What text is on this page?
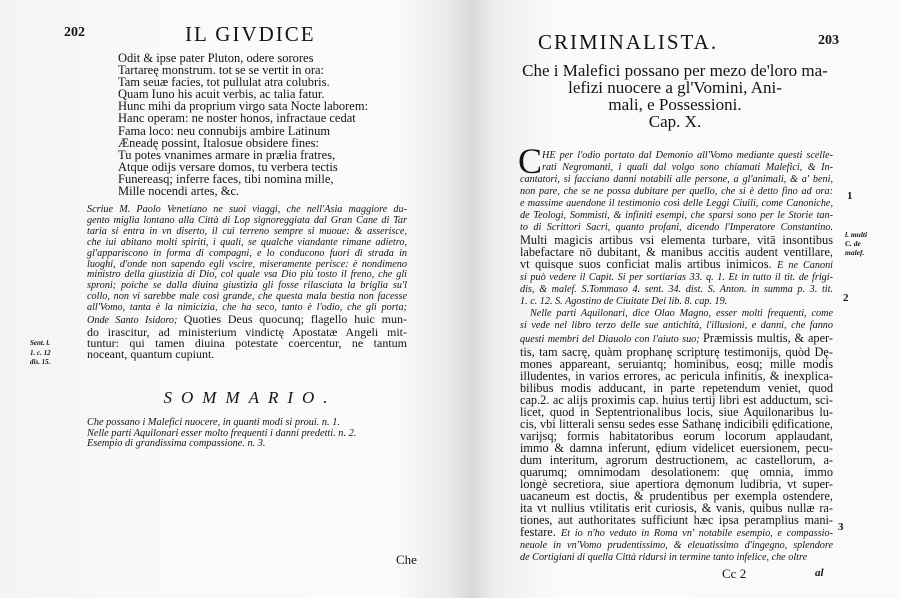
202	IL GIVDICE
Odit & ipse pater Pluton, odere sorores
Tartareę monstrum. tot se se vertit in ora:
Tam seuæ facies, tot pullulat atra colubris.
Quam Iuno his acuit verbis, ac talia fatur.
Hunc mihi da proprium virgo sata Nocte laborem:
Hanc operam: ne noster honos, infractaue cedat
Fama loco: neu connubijs ambire Latinum
Æneadę possint, Italosue obsidere fines:
Tu potes vnanimes armare in prælia fratres,
Atque odijs versare domos, tu verbera tectis
Funereasq; inferre faces, tibi nomina mille,
Mille nocendi artes, &c.
Scriue M. Paolo Venetiano ne suoi viaggi, che nell'Asia maggiore du-
gento miglia lontano alla Città di Lop signoreggiata dal Gran Cane di Tar
taria si entra in vn diserto, il cui terreno sempre si muoue: & asserisce,
che iui abitano molti spiriti, i quali, se qualche viandante rimane adietro,
gl'appariscono in forma di compagni, e lo conducono fuori di strada in
luoghi, d'onde non sapendo egli vscire, miseramente perisce: è nondimeno
ministro della giustizia di Dio, col quale vsa Dio più tosto il freno, che gli
sproni; poiche se dalla diuina giustizia gli fosse rilasciata la briglia su'l
collo, non vi sarebbe male così grande, che questa mala bestia non facesse
all'Vomo, tanta è la nimicizia, che ha seco, tanto è l'odio, che gli porta;
Onde Santo Isidoro; Quoties Deus quocunq; flagello huic mun-
do irascitur, ad ministerium vindictę Apostatæ Angeli mit-
tuntur: qui tamen diuina potestate coercentur, ne tantum
noceant, quantum cupiunt.
Sent. l.
1. c. 12
dis. 15.
SOMMARIO.
Che possano i Malefici nuocere, in quanti modi si proui. n. 1.
Nelle parti Aquilonari esser molto frequenti i danni predetti. n. 2.
Esempio di grandissima compassione. n. 3.
Che
CRIMINALISTA.	203
Che i Malefici possano per mezo de'loro ma-
lefizi nuocere a gl'Vomini, Ani-
mali, e Possessioni.
Cap. X.
C HE per l'odio portato dal Demonio all'Vomo mediante questi scelle-
rati Negromanti, i quali dal volgo sono chiamati Malefici, & In-
cantatori, si facciano danni notabili alle persone, a gl'animali, & a' beni,
non pare, che se ne possa dubitare per quello, che si è detto fino ad ora:
e massime auendone il testimonio così delle Leggi Ciuili, come Canoniche,
de Teologi, Sommisti, & infiniti esempi, che sparsi sono per le Storie tan-
to di Scrittori Sacri, quanto profani, dicendo l'Imperatore Constantino.
Multi magicis artibus vsi elementa turbare, vitā insontibus
labefactare nō dubitant, & manibus accitis audent ventillare,
vt quisque suos conficiat malis artibus inimicos. E ne Canoni
si può vedere il Capit. Si per sortiarias 33. q. 1. Et in tutto il tit. de frigi-
dis, & malef. S.Tommaso 4. sent. 34. dist. S. Anton. in summa p. 3. tit.
1. c. 12. S. Agostino de Ciuitate Dei lib. 8. cap. 19.
Nelle parti Aquilonari, dice Olao Magno, esser molti frequenti, come
si vede nel libro terzo delle sue antichità, l'illusioni, e danni, che fanno
questi membri del Diauolo con l'aiuto suo; Præmissis multis, & aper-
tis, tam sacrę, quàm prophanę scripturę testimonijs, quòd Dę-
mones appareant, seruiantq; hominibus, eosq; mille modis
illudentes, in varios errores, ac pericula infinitis, & inexplica-
bilibus modis adducant, in parte repetendum veniet, quod
cap.2. ac alijs proximis cap. huius tertij libri est adductum, sci-
licet, quod in Septentrionalibus locis, siue Aquilonaribus lu-
cis, vbi litterali sensu sedes esse Sathanę indicibili ędificatione,
varijsq; formis habitatoribus eorum locorum applaudant,
immo & damna inferunt, ędium videlicet euersionem, pecu-
dum interitum, agrorum destructionem, ac castellorum, a-
quarumq; omnimodam desolationem: quę omnia, immo
longè secretiora, siue apertiora dęmonum ludibria, vt super-
uacaneum est doctis, & prudentibus per exempla ostendere,
ita vt nullius vtilitatis erit curiosis, & vanis, quibus nullæ ra-
tiones, aut authoritates sufficiunt hæc ipsa peramplius mani-
festare. Et io n'ho veduto in Roma vn' notabile esempio, e compassio-
neuole in vn'Vomo prudentissimo, & eleuatissimo d'ingegno, splendore
de Cortigiani di quella Città ridursi in termine tanto infelice, che oltre
1
l. multi
C. de
malef.
2
3
Cc 2	al
